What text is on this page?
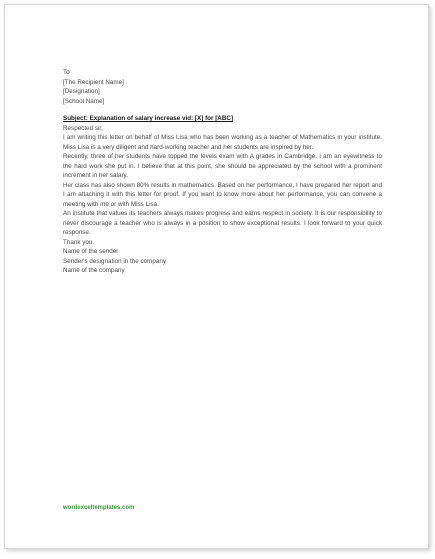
To

[The Recipient Name]
[Designation]
[School Name]

Subject: Explanation of salary increase vid: [X] for [ABC]

Respected sir,

I am writing this letter on behalf of Miss Lisa who has been working as a teacher of Mathematics in your institute. Miss Lisa is a very diligent and hard-working teacher and her students are inspired by her.

Recently, three of her students have topped the levels exam with A grades in Cambridge. I am an eyewitness to the hard work she put in. I believe that at this point, she should be appreciated by the school with a prominent increment in her salary.

Her class has also shown 80% results in mathematics. Based on her performance, I have prepared her report and I am attaching it with this letter for proof. If you want to know more about her performance, you can convene a meeting with me or with Miss Lisa.

An institute that values its teachers always makes progress and earns respect in society. It is our responsibility to never discourage a teacher who is always in a position to show exceptional results. I look forward to your quick response.

Thank you.

Name of the sender
Sender's designation in the company
Name of the company
wordexceltemplates.com
